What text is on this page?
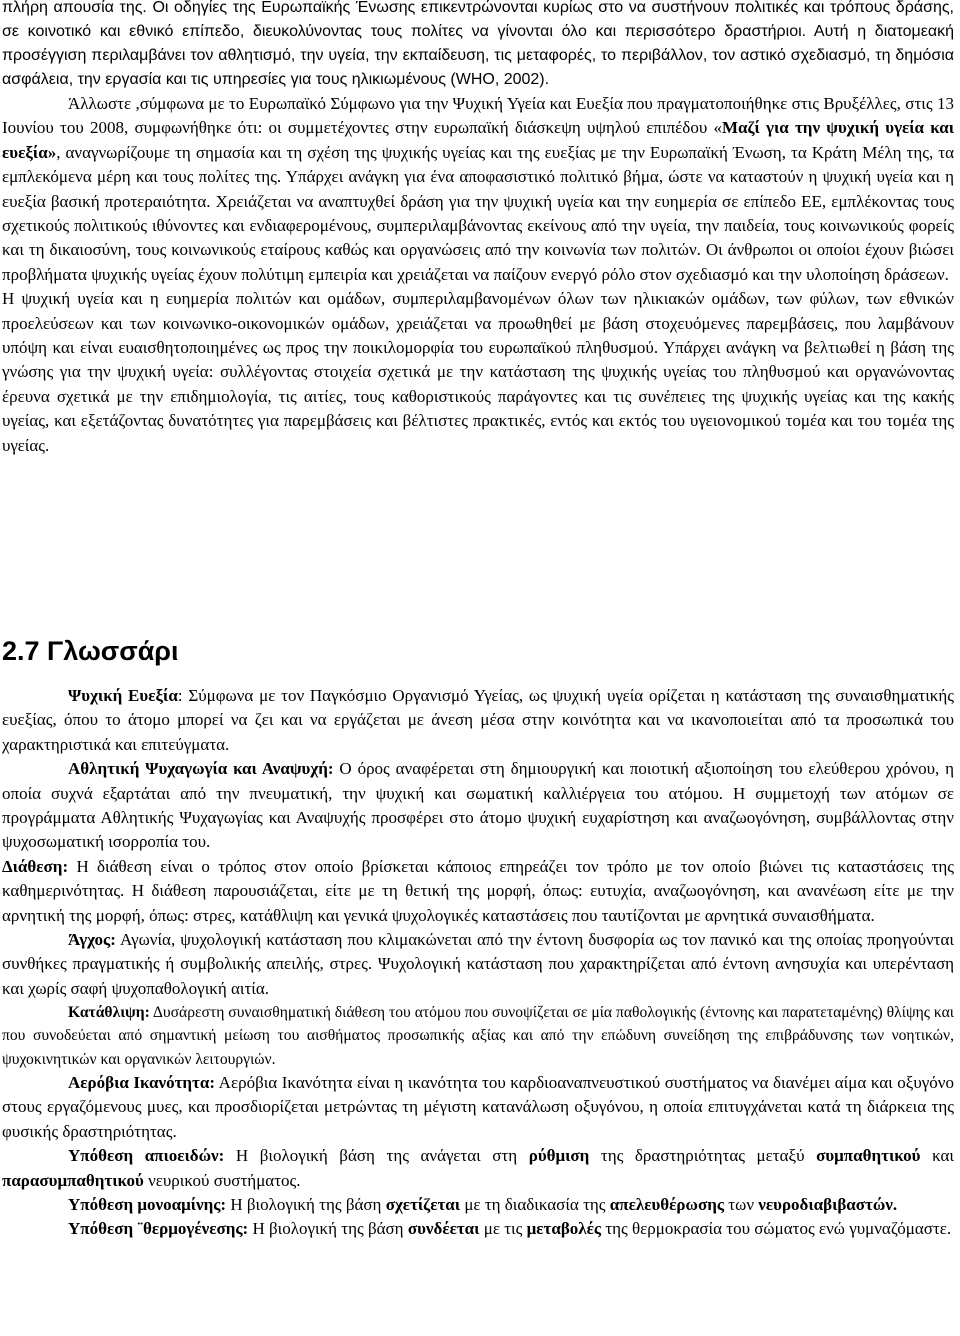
πλήρη απουσία της. Οι οδηγίες της Ευρωπαϊκής Ένωσης επικεντρώνονται κυρίως στο να συστήνουν πολιτικές και τρόπους δράσης, σε κοινοτικό και εθνικό επίπεδο, διευκολύνοντας τους πολίτες να γίνονται όλο και περισσότερο δραστήριοι. Αυτή η διατομεακή προσέγγιση περιλαμβάνει τον αθλητισμό, την υγεία, την εκπαίδευση, τις μεταφορές, το περιβάλλον, τον αστικό σχεδιασμό, τη δημόσια ασφάλεια, την εργασία και τις υπηρεσίες για τους ηλικιωμένους (WHO, 2002).

Άλλωστε ,σύμφωνα με το Ευρωπαϊκό Σύμφωνο για την Ψυχική Υγεία και Ευεξία που πραγματοποιήθηκε στις Βρυξέλλες, στις 13 Ιουνίου του 2008, συμφωνήθηκε ότι: οι συμμετέχοντες στην ευρωπαϊκή διάσκεψη υψηλού επιπέδου «Μαζί για την ψυχική υγεία και ευεξία», αναγνωρίζουμε τη σημασία και τη σχέση της ψυχικής υγείας και της ευεξίας με την Ευρωπαϊκή Ένωση, τα Κράτη Μέλη της, τα εμπλεκόμενα μέρη και τους πολίτες της. Υπάρχει ανάγκη για ένα αποφασιστικό πολιτικό βήμα, ώστε να καταστούν η ψυχική υγεία και η ευεξία βασική προτεραιότητα. Χρειάζεται να αναπτυχθεί δράση για την ψυχική υγεία και την ευημερία σε επίπεδο ΕΕ, εμπλέκοντας τους σχετικούς πολιτικούς ιθύνοντες και ενδιαφερομένους, συμπεριλαμβάνοντας εκείνους από την υγεία, την παιδεία, τους κοινωνικούς φορείς και τη δικαιοσύνη, τους κοινωνικούς εταίρους καθώς και οργανώσεις από την κοινωνία των πολιτών. Οι άνθρωποι οι οποίοι έχουν βιώσει προβλήματα ψυχικής υγείας έχουν πολύτιμη εμπειρία και χρειάζεται να παίζουν ενεργό ρόλο στον σχεδιασμό και την υλοποίηση δράσεων.

Η ψυχική υγεία και η ευημερία πολιτών και ομάδων, συμπεριλαμβανομένων όλων των ηλικιακών ομάδων, των φύλων, των εθνικών προελεύσεων και των κοινωνικο-οικονομικών ομάδων, χρειάζεται να προωθηθεί με βάση στοχευόμενες παρεμβάσεις, που λαμβάνουν υπόψη και είναι ευαισθητοποιημένες ως προς την ποικιλομορφία του ευρωπαϊκού πληθυσμού. Υπάρχει ανάγκη να βελτιωθεί η βάση της γνώσης για την ψυχική υγεία: συλλέγοντας στοιχεία σχετικά με την κατάσταση της ψυχικής υγείας του πληθυσμού και οργανώνοντας έρευνα σχετικά με την επιδημιολογία, τις αιτίες, τους καθοριστικούς παράγοντες και τις συνέπειες της ψυχικής υγείας και της κακής υγείας, και εξετάζοντας δυνατότητες για παρεμβάσεις και βέλτιστες πρακτικές, εντός και εκτός του υγειονομικού τομέα και του τομέα της υγείας.

2.7 Γλωσσάρι

Ψυχική Ευεξία: Σύμφωνα με τον Παγκόσμιο Οργανισμό Υγείας, ως ψυχική υγεία ορίζεται η κατάσταση της συναισθηματικής ευεξίας, όπου το άτομο μπορεί να ζει και να εργάζεται με άνεση μέσα στην κοινότητα και να ικανοποιείται από τα προσωπικά του χαρακτηριστικά και επιτεύγματα.

Αθλητική Ψυχαγωγία και Αναψυχή: Ο όρος αναφέρεται στη δημιουργική και ποιοτική αξιοποίηση του ελεύθερου χρόνου, η οποία συχνά εξαρτάται από την πνευματική, την ψυχική και σωματική καλλιέργεια του ατόμου. Η συμμετοχή των ατόμων σε προγράμματα Αθλητικής Ψυχαγωγίας και Αναψυχής προσφέρει στο άτομο ψυχική ευχαρίστηση και αναζωογόνηση, συμβάλλοντας στην ψυχοσωματική ισορροπία του.

Διάθεση: Η διάθεση είναι ο τρόπος στον οποίο βρίσκεται κάποιος επηρεάζει τον τρόπο με τον οποίο βιώνει τις καταστάσεις της καθημερινότητας. Η διάθεση παρουσιάζεται, είτε με τη θετική της μορφή, όπως: ευτυχία, αναζωογόνηση, και ανανέωση είτε με την αρνητική της μορφή, όπως: στρες, κατάθλιψη και γενικά ψυχολογικές καταστάσεις που ταυτίζονται με αρνητικά συναισθήματα.

Άγχος: Αγωνία, ψυχολογική κατάσταση που κλιμακώνεται από την έντονη δυσφορία ως τον πανικό και της οποίας προηγούνται συνθήκες πραγματικής ή συμβολικής απειλής, στρες. Ψυχολογική κατάσταση που χαρακτηρίζεται από έντονη ανησυχία και υπερένταση και χωρίς σαφή ψυχοπαθολογική αιτία.

Κατάθλιψη: Δυσάρεστη συναισθηματική διάθεση του ατόμου που συνοψίζεται σε μία παθολογικής (έντονης και παρατεταμένης) θλίψης και που συνοδεύεται από σημαντική μείωση του αισθήματος προσωπικής αξίας και από την επώδυνη συνείδηση της επιβράδυνσης των νοητικών, ψυχοκινητικών και οργανικών λειτουργιών.

Αερόβια Ικανότητα: Αερόβια Ικανότητα είναι η ικανότητα του καρδιοαναπνευστικού συστήματος να διανέμει αίμα και οξυγόνο στους εργαζόμενους μυες, και προσδιορίζεται μετρώντας τη μέγιστη κατανάλωση οξυγόνου, η οποία επιτυγχάνεται κατά τη διάρκεια της φυσικής δραστηριότητας.

Υπόθεση απιοειδών: Η βιολογική βάση της ανάγεται στη ρύθμιση της δραστηριότητας μεταξύ συμπαθητικού και παρασυμπαθητικού νευρικού συστήματος.

Υπόθεση μονοαμίνης: Η βιολογική της βάση σχετίζεται με τη διαδικασία της απελευθέρωσης των νευροδιαβιβαστών.

Υπόθεση ¨θερμογένεσης: Η βιολογική της βάση συνδέεται με τις μεταβολές της θερμοκρασία του σώματος ενώ γυμναζόμαστε.
